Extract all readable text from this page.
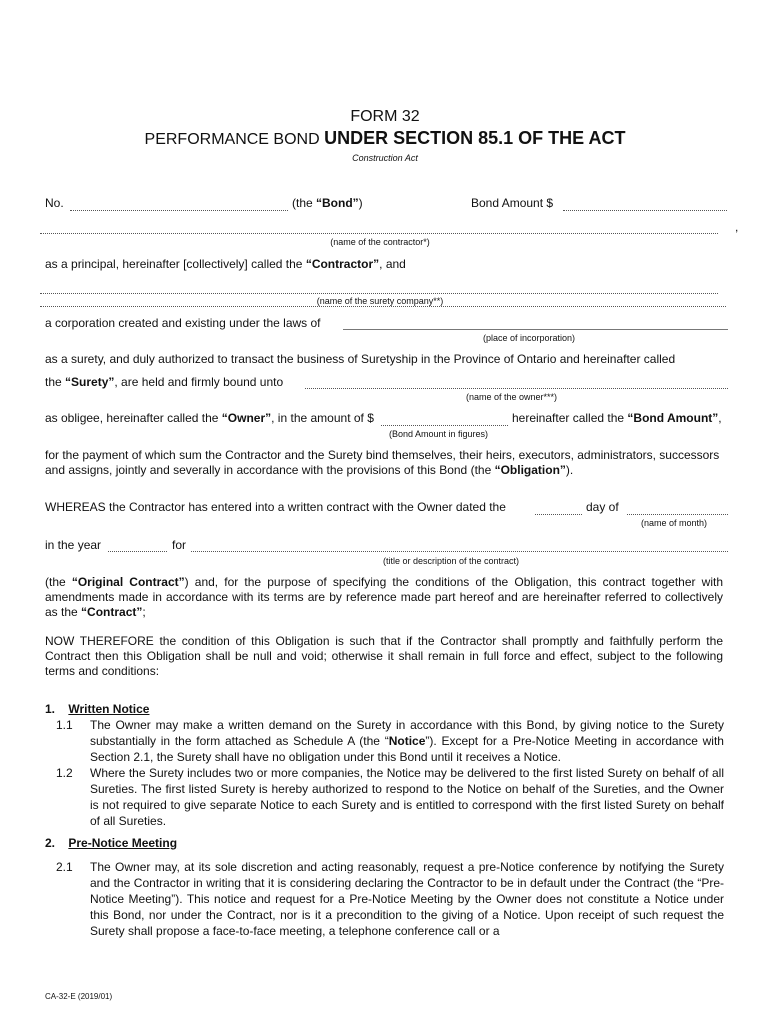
FORM 32
PERFORMANCE BOND UNDER SECTION 85.1 OF THE ACT
Construction Act
No.	(the “Bond”)	Bond Amount $
,
(name of the contractor*)
as a principal, hereinafter [collectively] called the “Contractor”, and
(name of the surety company**)
a corporation created and existing under the laws of
(place of incorporation)
as a surety, and duly authorized to transact the business of Suretyship in the Province of Ontario and hereinafter called
the “Surety”, are held and firmly bound unto
(name of the owner***)
as obligee, hereinafter called the “Owner”, in the amount of $	hereinafter called the “Bond Amount”,
(Bond Amount in figures)
for the payment of which sum the Contractor and the Surety bind themselves, their heirs, executors, administrators, successors and assigns, jointly and severally in accordance with the provisions of this Bond (the “Obligation”).
WHEREAS the Contractor has entered into a written contract with the Owner dated the	day of
(name of month)
in the year	for
(title or description of the contract)
(the “Original Contract”) and, for the purpose of specifying the conditions of the Obligation, this contract together with amendments made in accordance with its terms are by reference made part hereof and are hereinafter referred to collectively as the “Contract”;
NOW THEREFORE the condition of this Obligation is such that if the Contractor shall promptly and faithfully perform the Contract then this Obligation shall be null and void; otherwise it shall remain in full force and effect, subject to the following terms and conditions:
1. Written Notice
1.1 The Owner may make a written demand on the Surety in accordance with this Bond, by giving notice to the Surety substantially in the form attached as Schedule A (the “Notice”). Except for a Pre-Notice Meeting in accordance with Section 2.1, the Surety shall have no obligation under this Bond until it receives a Notice.
1.2 Where the Surety includes two or more companies, the Notice may be delivered to the first listed Surety on behalf of all Sureties. The first listed Surety is hereby authorized to respond to the Notice on behalf of the Sureties, and the Owner is not required to give separate Notice to each Surety and is entitled to correspond with the first listed Surety on behalf of all Sureties.
2. Pre-Notice Meeting
2.1 The Owner may, at its sole discretion and acting reasonably, request a pre-Notice conference by notifying the Surety and the Contractor in writing that it is considering declaring the Contractor to be in default under the Contract (the “Pre-Notice Meeting”). This notice and request for a Pre-Notice Meeting by the Owner does not constitute a Notice under this Bond, nor under the Contract, nor is it a precondition to the giving of a Notice. Upon receipt of such request the Surety shall propose a face-to-face meeting, a telephone conference call or a
CA-32-E (2019/01)
